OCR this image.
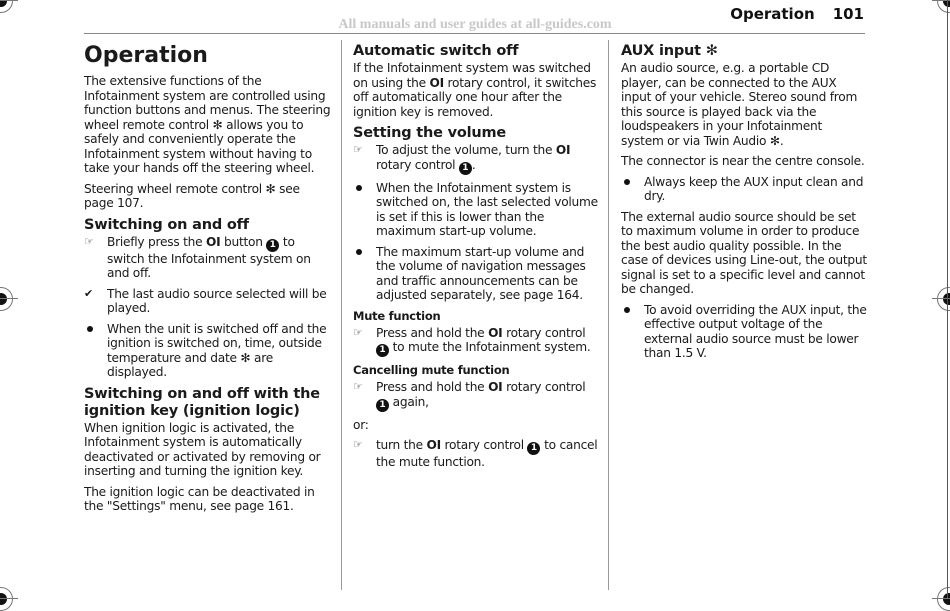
All manuals and user guides at all-guides.com
Operation 101
Operation

The extensive functions of the Infotainment system are controlled using function buttons and menus. The steering wheel remote control ✻ allows you to safely and conveniently operate the Infotainment system without having to take your hands off the steering wheel.

Steering wheel remote control ✻ see page 107.

Switching on and off
☞	Briefly press the OI button 1 to switch the Infotainment system on and off.
✔	The last audio source selected will be played.
When the unit is switched off and the ignition is switched on, time, outside temperature and date ✻ are displayed.
Switching on and off with the ignition key (ignition logic)

When ignition logic is activated, the Infotainment system is automatically deactivated or activated by removing or inserting and turning the ignition key.

The ignition logic can be deactivated in the "Settings" menu, see page 161.

Automatic switch off

If the Infotainment system was switched on using the OI rotary control, it switches off automatically one hour after the ignition key is removed.

Setting the volume
☞	To adjust the volume, turn the OI rotary control 1 .
When the Infotainment system is switched on, the last selected volume is set if this is lower than the maximum start-up volume.
The maximum start-up volume and the volume of navigation messages and traffic announcements can be adjusted separately, see page 164.
Mute function
☞	Press and hold the OI rotary control 1 to mute the Infotainment system.
Cancelling mute function
☞	Press and hold the OI rotary control 1 again,

or:

☞	turn the OI rotary control 1 to cancel the mute function.
AUX input ✻

An audio source, e.g. a portable CD player, can be connected to the AUX input of your vehicle. Stereo sound from this source is played back via the loudspeakers in your Infotainment system or via Twin Audio ✻.

The connector is near the centre console.

Always keep the AUX input clean and dry.

The external audio source should be set to maximum volume in order to produce the best audio quality possible. In the case of devices using Line-out, the output signal is set to a specific level and cannot be changed.

To avoid overriding the AUX input, the effective output voltage of the external audio source must be lower than 1.5 V.
